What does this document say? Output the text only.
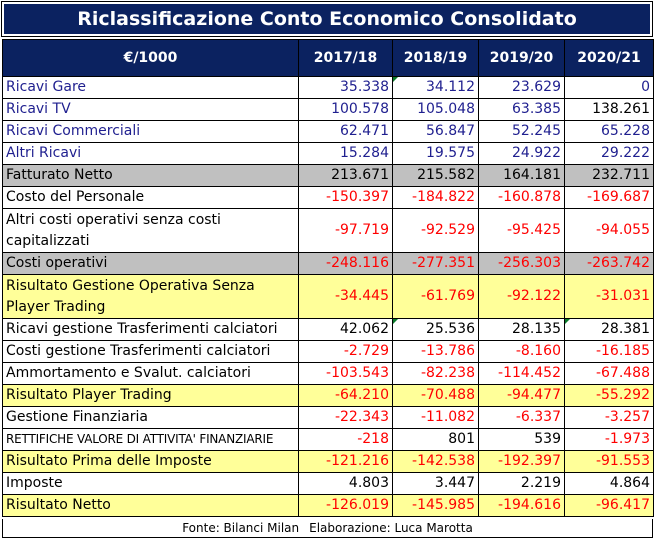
Riclassificazione Conto Economico Consolidato
€/1000	2017/18	2018/19	2019/20	2020/21
Ricavi Gare	35.338	34.112	23.629	0
Ricavi TV	100.578	105.048	63.385	138.261
Ricavi Commerciali	62.471	56.847	52.245	65.228
Altri Ricavi	15.284	19.575	24.922	29.222
Fatturato Netto	213.671	215.582	164.181	232.711
Costo del Personale	-150.397	-184.822	-160.878	-169.687
Altri costi operativi senza costi capitalizzati	-97.719	-92.529	-95.425	-94.055
Costi operativi	-248.116	-277.351	-256.303	-263.742
Risultato Gestione Operativa Senza Player Trading	-34.445	-61.769	-92.122	-31.031
Ricavi gestione Trasferimenti calciatori	42.062	25.536	28.135	28.381
Costi gestione Trasferimenti calciatori	-2.729	-13.786	-8.160	-16.185
Ammortamento e Svalut. calciatori	-103.543	-82.238	-114.452	-67.488
Risultato Player Trading	-64.210	-70.488	-94.477	-55.292
Gestione Finanziaria	-22.343	-11.082	-6.337	-3.257
RETTIFICHE VALORE DI ATTIVITA' FINANZIARIE	-218	801	539	-1.973
Risultato Prima delle Imposte	-121.216	-142.538	-192.397	-91.553
Imposte	4.803	3.447	2.219	4.864
Risultato Netto	-126.019	-145.985	-194.616	-96.417
Fonte: Bilanci Milan Elaborazione: Luca Marotta
